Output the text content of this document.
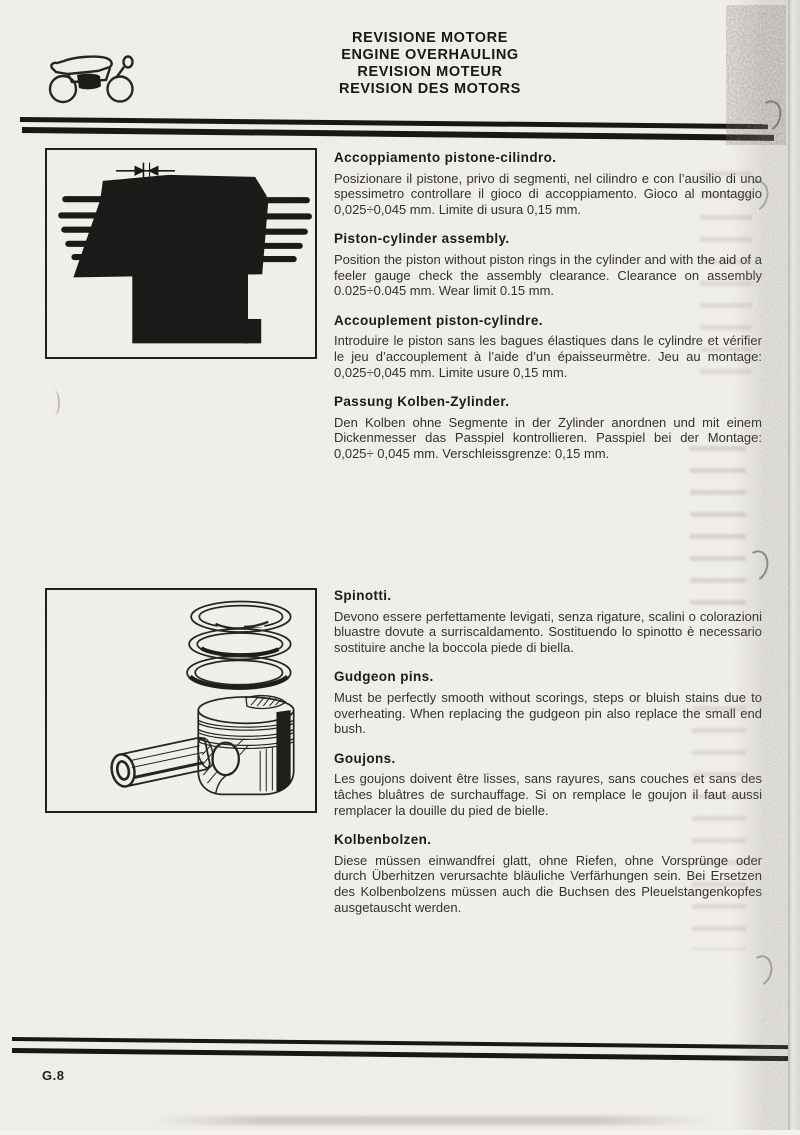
REVISIONE MOTORE
ENGINE OVERHAULING
REVISION MOTEUR
REVISION DES MOTORS

Accoppiamento pistone-cilindro.

Posizionare il pistone, privo di segmenti, nel cilindro e con l’ausilio di uno spessimetro controllare il gioco di accoppiamento. Gioco al montaggio 0,025÷0,045 mm. Limite di usura 0,15 mm.

Piston-cylinder assembly.

Position the piston without piston rings in the cylinder and with the aid of a feeler gauge check the assembly clearance. Clearance on assembly 0.025÷0.045 mm. Wear limit 0.15 mm.

Accouplement piston-cylindre.

Introduire le piston sans les bagues élastiques dans le cylindre et vérifier le jeu d’accouplement à l’aide d’un épaisseurmètre. Jeu au montage: 0,025÷0,045 mm. Limite usure 0,15 mm.

Passung Kolben-Zylinder.

Den Kolben ohne Segmente in der Zylinder anordnen und mit einem Dickenmesser das Passpiel kontrollieren. Passpiel bei der Montage: 0,025÷ 0,045 mm. Verschleissgrenze: 0,15 mm.

Spinotti.

Devono essere perfettamente levigati, senza rigature, scalini o colorazioni bluastre dovute a surriscaldamento. Sostituendo lo spinotto è necessario sostituire anche la boccola piede di biella.

Gudgeon pins.

Must be perfectly smooth without scorings, steps or bluish stains due to overheating. When replacing the gudgeon pin also replace the small end bush.

Goujons.

Les goujons doivent être lisses, sans rayures, sans couches et sans des tâches bluâtres de surchauffage. Si on remplace le goujon il faut aussi remplacer la douille du pied de bielle.

Kolbenbolzen.

Diese müssen einwandfrei glatt, ohne Riefen, ohne Vorsprünge oder durch Überhitzen verursachte bläuliche Verfärhungen sein. Bei Ersetzen des Kolbenbolzens müssen auch die Buchsen des Pleuelstangenkopfes ausgetauscht werden.

G.8
